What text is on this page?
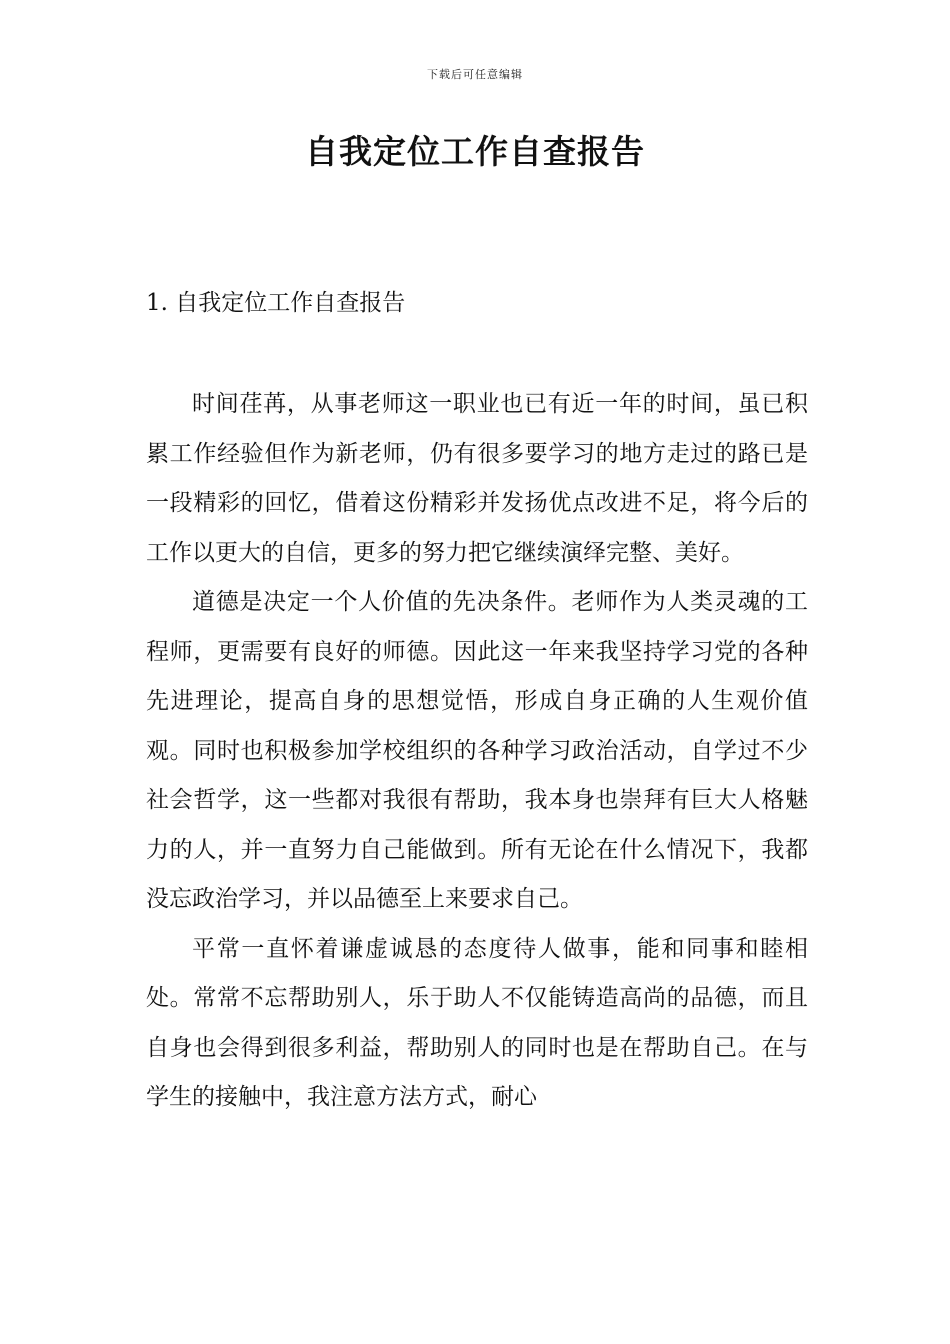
下载后可任意编辑
自我定位工作自查报告
1. 自我定位工作自查报告

时间荏苒，从事老师这一职业也已有近一年的时间，虽已积累工作经验但作为新老师，仍有很多要学习的地方走过的路已是一段精彩的回忆，借着这份精彩并发扬优点改进不足，将今后的工作以更大的自信，更多的努力把它继续演绎完整、美好。

道德是决定一个人价值的先决条件。老师作为人类灵魂的工程师，更需要有良好的师德。因此这一年来我坚持学习党的各种先进理论，提高自身的思想觉悟，形成自身正确的人生观价值观。同时也积极参加学校组织的各种学习政治活动，自学过不少社会哲学，这一些都对我很有帮助，我本身也崇拜有巨大人格魅力的人，并一直努力自己能做到。所有无论在什么情况下，我都没忘政治学习，并以品德至上来要求自己。

平常一直怀着谦虚诚恳的态度待人做事，能和同事和睦相处。常常不忘帮助别人，乐于助人不仅能铸造高尚的品德，而且自身也会得到很多利益，帮助别人的同时也是在帮助自己。在与学生的接触中，我注意方法方式，耐心
